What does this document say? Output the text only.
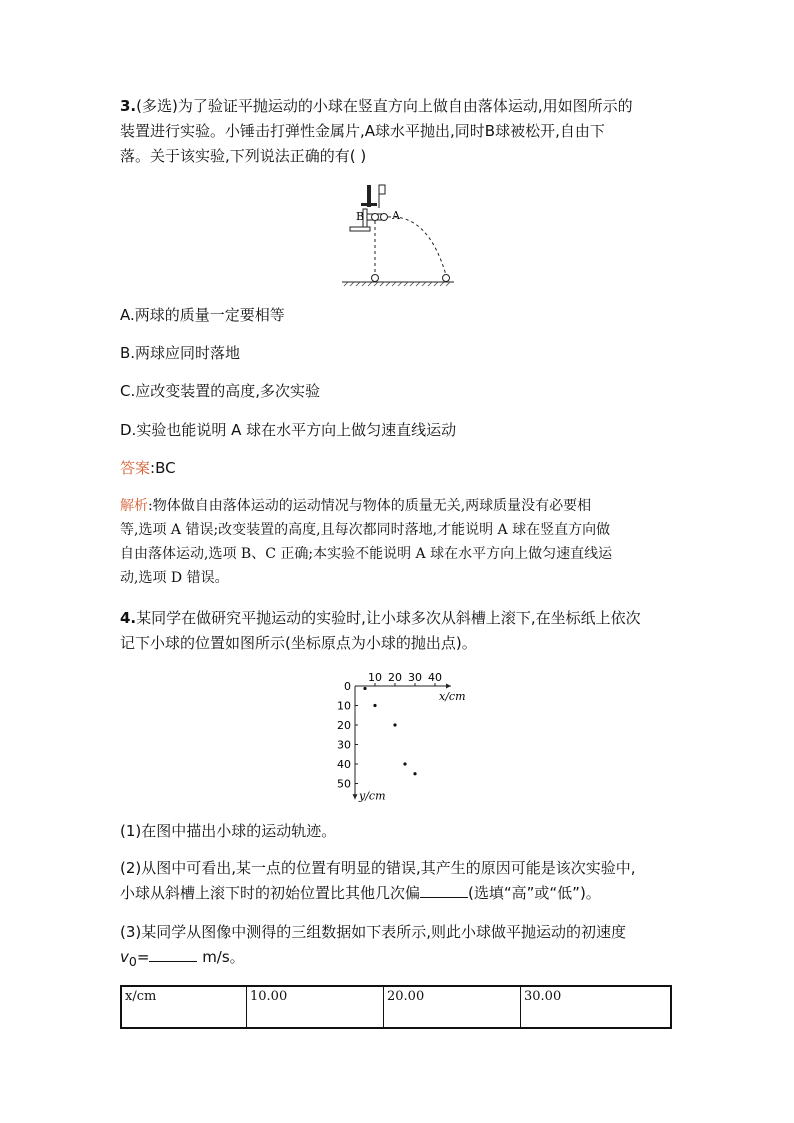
3.(多选)为了验证平抛运动的小球在竖直方向上做自由落体运动,用如图所示的
装置进行实验。小锤击打弹性金属片,A球水平抛出,同时B球被松开,自由下
落。关于该实验,下列说法正确的有( )

B	A

A.两球的质量一定要相等

B.两球应同时落地

C.应改变装置的高度,多次实验

D.实验也能说明 A 球在水平方向上做匀速直线运动

答案:BC

解析:物体做自由落体运动的运动情况与物体的质量无关,两球质量没有必要相
等,选项 A 错误;改变装置的高度,且每次都同时落地,才能说明 A 球在竖直方向做
自由落体运动,选项 B、C 正确;本实验不能说明 A 球在水平方向上做匀速直线运
动,选项 D 错误。

4.某同学在做研究平抛运动的实验时,让小球多次从斜槽上滚下,在坐标纸上依次
记下小球的位置如图所示(坐标原点为小球的抛出点)。

0
10 20 30 40
10
20
30
40
50
x/cm
y/cm

(1)在图中描出小球的运动轨迹。

(2)从图中可看出,某一点的位置有明显的错误,其产生的原因可能是该次实验中,
小球从斜槽上滚下时的初始位置比其他几次偏	(选填“高”或“低”)。

(3)某同学从图像中测得的三组数据如下表所示,则此小球做平抛运动的初速度
$v_0=$	m/s。

x/cm	10.00	20.00	30.00
